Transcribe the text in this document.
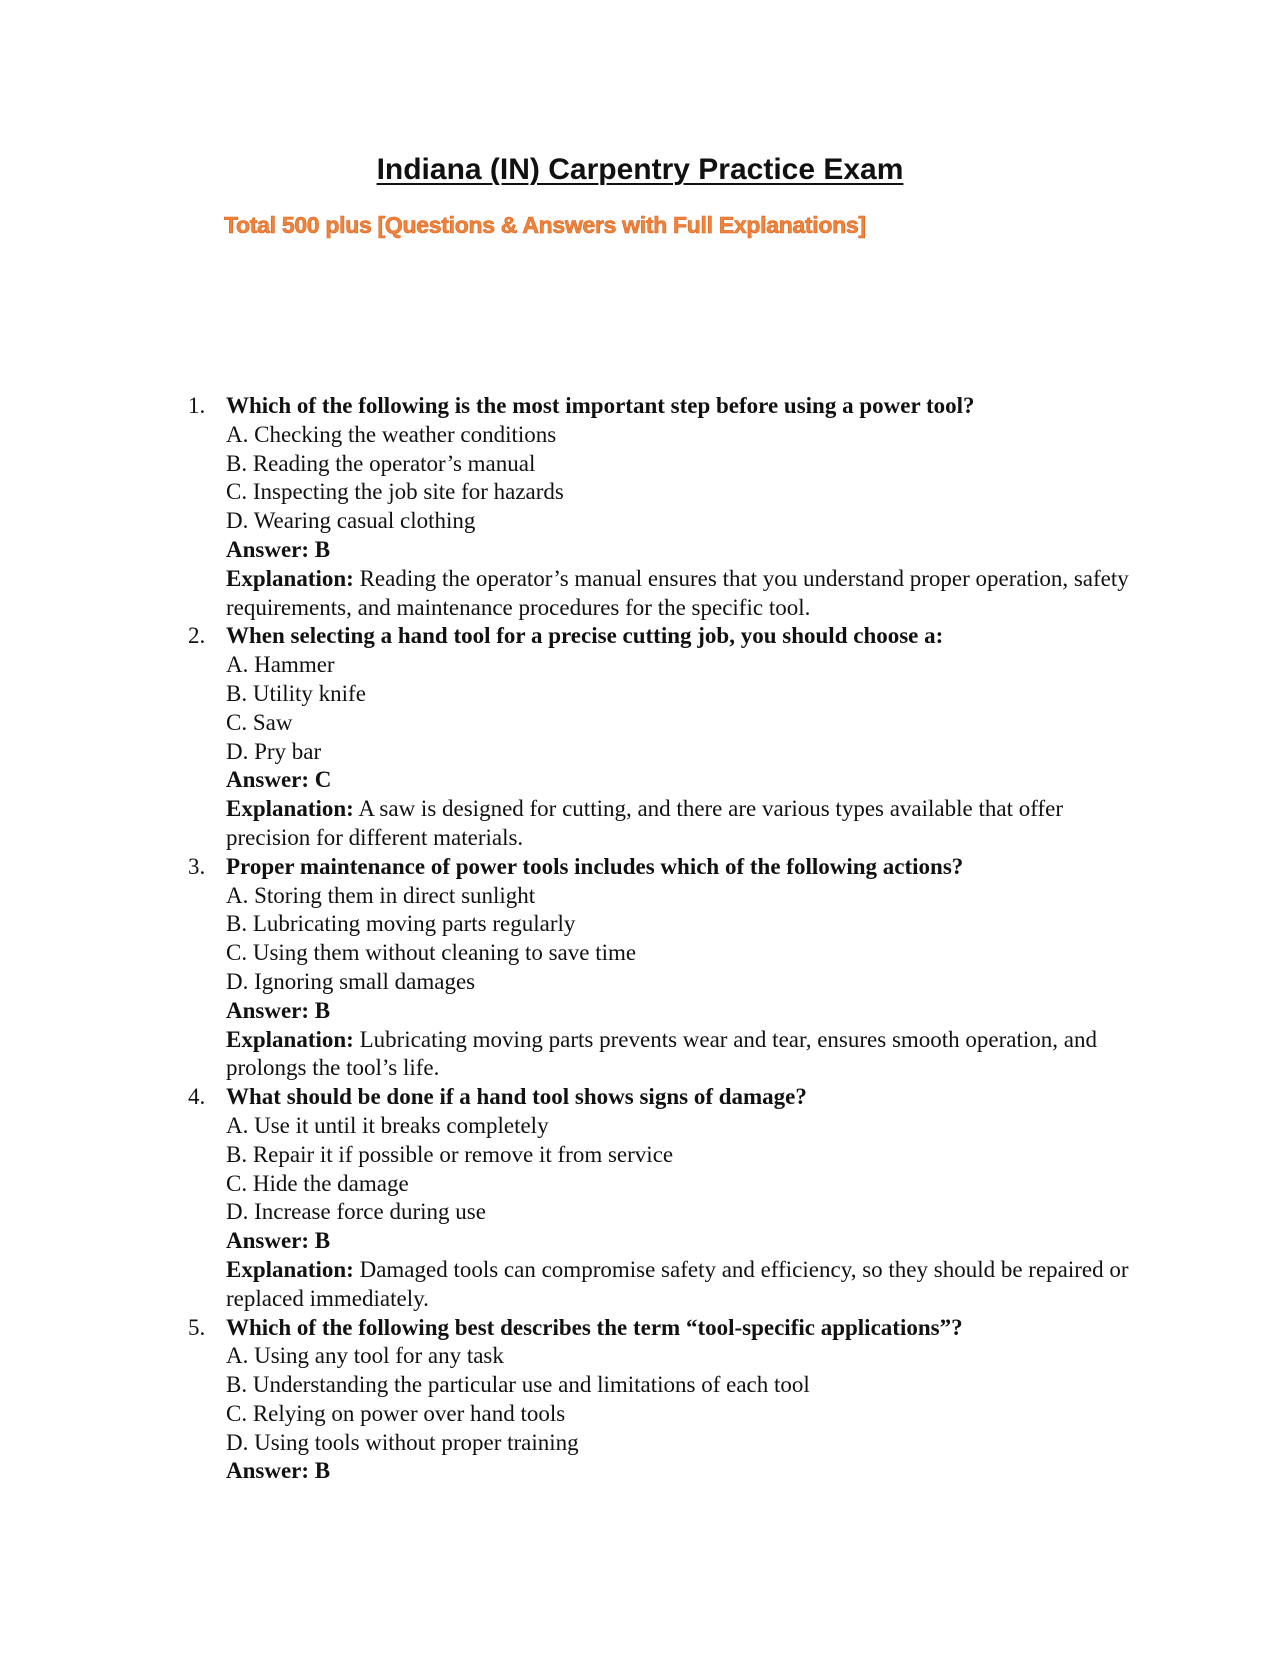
Indiana (IN) Carpentry Practice Exam

Total 500 plus [Questions & Answers with Full Explanations]

1. Which of the following is the most important step before using a power tool?
A. Checking the weather conditions
B. Reading the operator’s manual
C. Inspecting the job site for hazards
D. Wearing casual clothing
Answer: B
Explanation: Reading the operator’s manual ensures that you understand proper operation, safety requirements, and maintenance procedures for the specific tool.
2. When selecting a hand tool for a precise cutting job, you should choose a:
A. Hammer
B. Utility knife
C. Saw
D. Pry bar
Answer: C
Explanation: A saw is designed for cutting, and there are various types available that offer precision for different materials.
3. Proper maintenance of power tools includes which of the following actions?
A. Storing them in direct sunlight
B. Lubricating moving parts regularly
C. Using them without cleaning to save time
D. Ignoring small damages
Answer: B
Explanation: Lubricating moving parts prevents wear and tear, ensures smooth operation, and prolongs the tool’s life.
4. What should be done if a hand tool shows signs of damage?
A. Use it until it breaks completely
B. Repair it if possible or remove it from service
C. Hide the damage
D. Increase force during use
Answer: B
Explanation: Damaged tools can compromise safety and efficiency, so they should be repaired or replaced immediately.
5. Which of the following best describes the term “tool-specific applications”?
A. Using any tool for any task
B. Understanding the particular use and limitations of each tool
C. Relying on power over hand tools
D. Using tools without proper training
Answer: B
